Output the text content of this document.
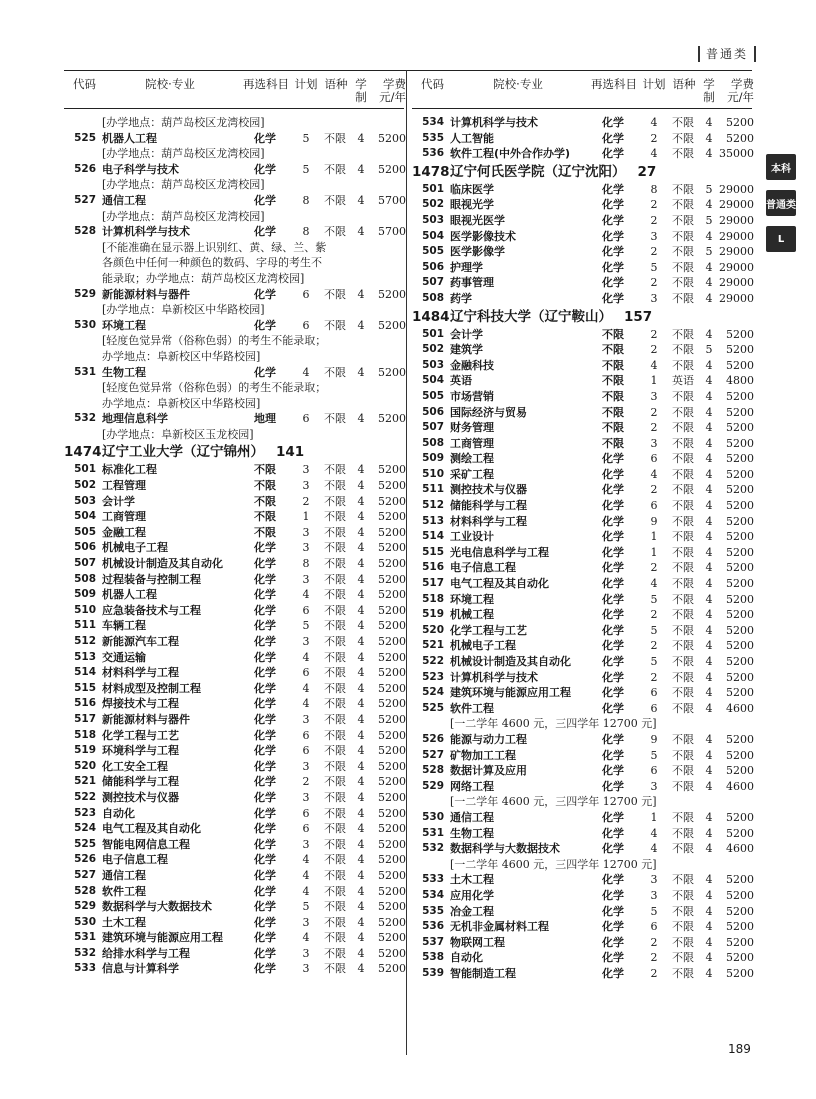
普通类
代码	院校·专业	再选科目 计划 语种 学制
学费元/年
[办学地点：葫芦岛校区龙湾校园]
525 机器人工程	化学	5	不限	4	5200
[办学地点：葫芦岛校区龙湾校园]
526 电子科学与技术	化学	5	不限	4	5200
[办学地点：葫芦岛校区龙湾校园]
527 通信工程	化学	8	不限	4	5700
[办学地点：葫芦岛校区龙湾校园]
528 计算机科学与技术	化学	8	不限	4	5700
[不能准确在显示器上识别红、黄、绿、兰、紫各颜色中任何一种颜色的数码、字母的考生不能录取；办学地点：葫芦岛校区龙湾校园]
529 新能源材料与器件	化学	6	不限	4	5200
[办学地点：阜新校区中华路校园]
530 环境工程	化学	6	不限	4	5200
[轻度色觉异常（俗称色弱）的考生不能录取；办学地点：阜新校区中华路校园]
531 生物工程	化学	4	不限	4	5200
[轻度色觉异常（俗称色弱）的考生不能录取；办学地点：阜新校区中华路校园]
532 地理信息科学	地理	6	不限	4	5200
[办学地点：阜新校区玉龙校园]
1474 辽宁工业大学（辽宁锦州） 141
501 标准化工程	不限	3	不限	4	5200
502 工程管理	不限	3	不限	4	5200
503 会计学	不限	2	不限	4	5200
504 工商管理	不限	1	不限	4	5200
505 金融工程	不限	3	不限	4	5200
506 机械电子工程	化学	3	不限	4	5200
507 机械设计制造及其自动化	化学	8	不限	4	5200
508 过程装备与控制工程	化学	3	不限	4	5200
509 机器人工程	化学	4	不限	4	5200
510 应急装备技术与工程	化学	6	不限	4	5200
511 车辆工程	化学	5	不限	4	5200
512 新能源汽车工程	化学	3	不限	4	5200
513 交通运输	化学	4	不限	4	5200
514 材料科学与工程	化学	6	不限	4	5200
515 材料成型及控制工程	化学	4	不限	4	5200
516 焊接技术与工程	化学	4	不限	4	5200
517 新能源材料与器件	化学	3	不限	4	5200
518 化学工程与工艺	化学	6	不限	4	5200
519 环境科学与工程	化学	6	不限	4	5200
520 化工安全工程	化学	3	不限	4	5200
521 储能科学与工程	化学	2	不限	4	5200
522 测控技术与仪器	化学	3	不限	4	5200
523 自动化	化学	6	不限	4	5200
524 电气工程及其自动化	化学	6	不限	4	5200
525 智能电网信息工程	化学	3	不限	4	5200
526 电子信息工程	化学	4	不限	4	5200
527 通信工程	化学	4	不限	4	5200
528 软件工程	化学	4	不限	4	5200
529 数据科学与大数据技术	化学	5	不限	4	5200
530 土木工程	化学	3	不限	4	5200
531 建筑环境与能源应用工程	化学	4	不限	4	5200
532 给排水科学与工程	化学	3	不限	4	5200
533 信息与计算科学	化学	3	不限	4	5200
代码	院校·专业	再选科目 计划 语种 学制
学费元/年
534 计算机科学与技术	化学	4	不限	4	5200
535 人工智能	化学	2	不限	4	5200
536 软件工程(中外合作办学)	化学	4	不限	4 35000
1478 辽宁何氏医学院（辽宁沈阳） 27
501 临床医学	化学	8	不限	5 29000
502 眼视光学	化学	2	不限	4 29000
503 眼视光医学	化学	2	不限	5 29000
504 医学影像技术	化学	3	不限	4 29000
505 医学影像学	化学	2	不限	5 29000
506 护理学	化学	5	不限	4 29000
507 药事管理	化学	2	不限	4 29000
508 药学	化学	3	不限	4 29000
1484 辽宁科技大学（辽宁鞍山） 157
501 会计学	不限	2	不限	4	5200
502 建筑学	不限	2	不限	5	5200
503 金融科技	不限	4	不限	4	5200
504 英语	不限	1	英语	4	4800
505 市场营销	不限	3	不限	4	5200
506 国际经济与贸易	不限	2	不限	4	5200
507 财务管理	不限	2	不限	4	5200
508 工商管理	不限	3	不限	4	5200
509 测绘工程	化学	6	不限	4	5200
510 采矿工程	化学	4	不限	4	5200
511 测控技术与仪器	化学	2	不限	4	5200
512 储能科学与工程	化学	6	不限	4	5200
513 材料科学与工程	化学	9	不限	4	5200
514 工业设计	化学	1	不限	4	5200
515 光电信息科学与工程	化学	1	不限	4	5200
516 电子信息工程	化学	2	不限	4	5200
517 电气工程及其自动化	化学	4	不限	4	5200
518 环境工程	化学	5	不限	4	5200
519 机械工程	化学	2	不限	4	5200
520 化学工程与工艺	化学	5	不限	4	5200
521 机械电子工程	化学	2	不限	4	5200
522 机械设计制造及其自动化	化学	5	不限	4	5200
523 计算机科学与技术	化学	2	不限	4	5200
524 建筑环境与能源应用工程	化学	6	不限	4	5200
525 软件工程	化学	6	不限	4	4600
[一二学年 4600 元，三四学年 12700 元]
526 能源与动力工程	化学	9	不限	4	5200
527 矿物加工工程	化学	5	不限	4	5200
528 数据计算及应用	化学	6	不限	4	5200
529 网络工程	化学	3	不限	4	4600
[一二学年 4600 元，三四学年 12700 元]
530 通信工程	化学	1	不限	4	5200
531 生物工程	化学	4	不限	4	5200
532 数据科学与大数据技术	化学	4	不限	4	4600
[一二学年 4600 元，三四学年 12700 元]
533 土木工程	化学	3	不限	4	5200
534 应用化学	化学	3	不限	4	5200
535 冶金工程	化学	5	不限	4	5200
536 无机非金属材料工程	化学	6	不限	4	5200
537 物联网工程	化学	2	不限	4	5200
538 自动化	化学	2	不限	4	5200
539 智能制造工程	化学	2	不限	4	5200
本科
普通类
L
189
